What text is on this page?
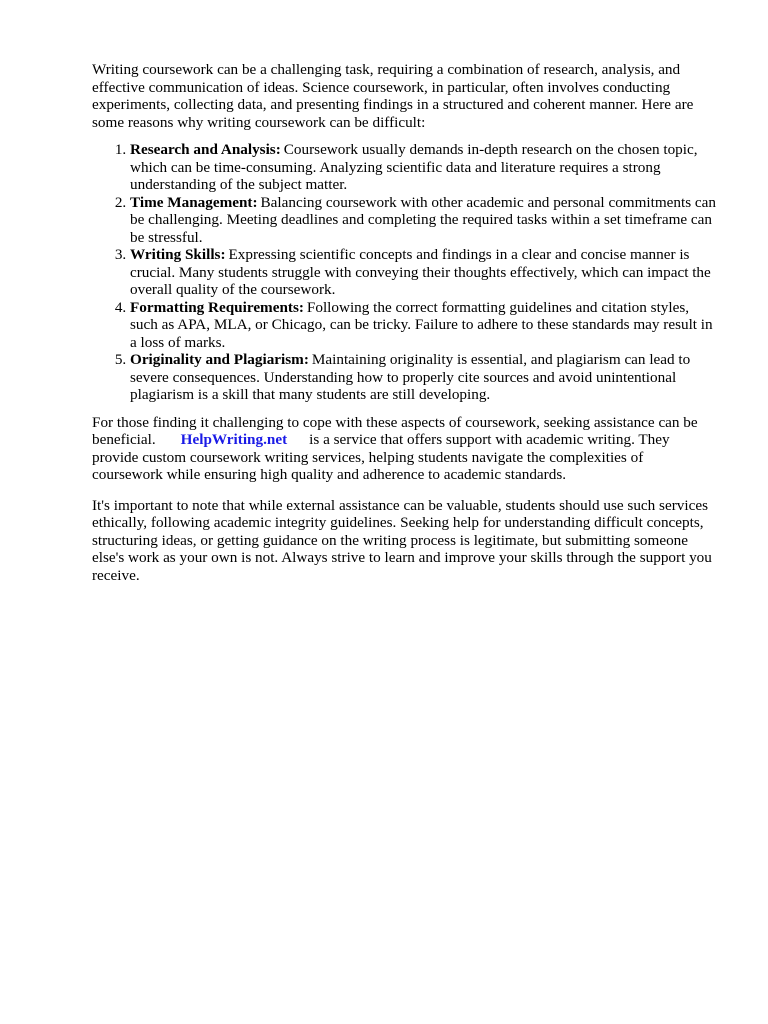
Writing coursework can be a challenging task, requiring a combination of research, analysis, and effective communication of ideas. Science coursework, in particular, often involves conducting experiments, collecting data, and presenting findings in a structured and coherent manner. Here are some reasons why writing coursework can be difficult:

1. Research and Analysis: Coursework usually demands in-depth research on the chosen topic, which can be time-consuming. Analyzing scientific data and literature requires a strong understanding of the subject matter.
2. Time Management: Balancing coursework with other academic and personal commitments can be challenging. Meeting deadlines and completing the required tasks within a set timeframe can be stressful.
3. Writing Skills: Expressing scientific concepts and findings in a clear and concise manner is crucial. Many students struggle with conveying their thoughts effectively, which can impact the overall quality of the coursework.
4. Formatting Requirements: Following the correct formatting guidelines and citation styles, such as APA, MLA, or Chicago, can be tricky. Failure to adhere to these standards may result in a loss of marks.
5. Originality and Plagiarism: Maintaining originality is essential, and plagiarism can lead to severe consequences. Understanding how to properly cite sources and avoid unintentional plagiarism is a skill that many students are still developing.

For those finding it challenging to cope with these aspects of coursework, seeking assistance can be beneficial. HelpWriting.net is a service that offers support with academic writing. They provide custom coursework writing services, helping students navigate the complexities of coursework while ensuring high quality and adherence to academic standards.

It's important to note that while external assistance can be valuable, students should use such services ethically, following academic integrity guidelines. Seeking help for understanding difficult concepts, structuring ideas, or getting guidance on the writing process is legitimate, but submitting someone else's work as your own is not. Always strive to learn and improve your skills through the support you receive.
